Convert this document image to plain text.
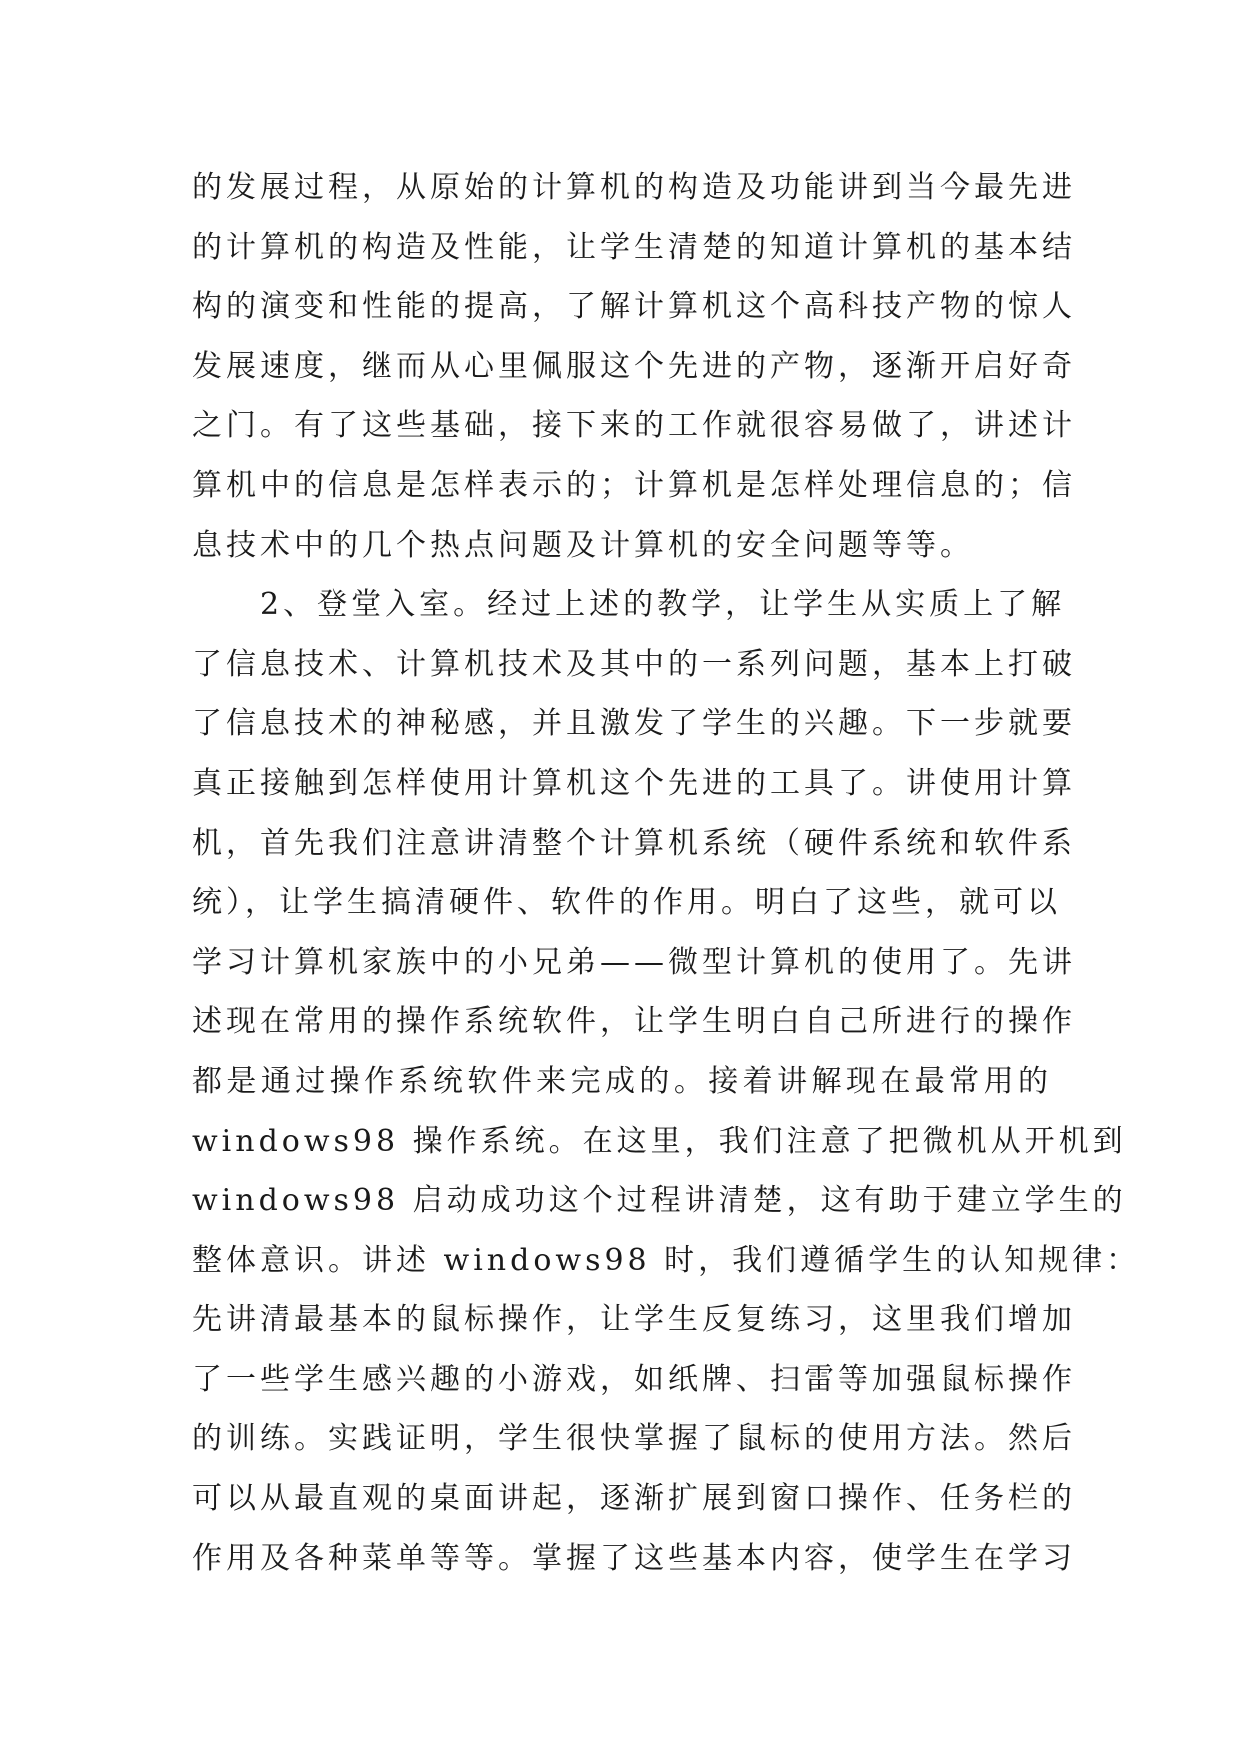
的发展过程，从原始的计算机的构造及功能讲到当今最先进
的计算机的构造及性能，让学生清楚的知道计算机的基本结
构的演变和性能的提高，了解计算机这个高科技产物的惊人
发展速度，继而从心里佩服这个先进的产物，逐渐开启好奇
之门。有了这些基础，接下来的工作就很容易做了，讲述计
算机中的信息是怎样表示的；计算机是怎样处理信息的；信
息技术中的几个热点问题及计算机的安全问题等等。
　　2、登堂入室。经过上述的教学，让学生从实质上了解
了信息技术、计算机技术及其中的一系列问题，基本上打破
了信息技术的神秘感，并且激发了学生的兴趣。下一步就要
真正接触到怎样使用计算机这个先进的工具了。讲使用计算
机，首先我们注意讲清整个计算机系统（硬件系统和软件系
统），让学生搞清硬件、软件的作用。明白了这些，就可以
学习计算机家族中的小兄弟——微型计算机的使用了。先讲
述现在常用的操作系统软件，让学生明白自己所进行的操作
都是通过操作系统软件来完成的。接着讲解现在最常用的
windows98 操作系统。在这里，我们注意了把微机从开机到
windows98 启动成功这个过程讲清楚，这有助于建立学生的
整体意识。讲述 windows98 时，我们遵循学生的认知规律：
先讲清最基本的鼠标操作，让学生反复练习，这里我们增加
了一些学生感兴趣的小游戏，如纸牌、扫雷等加强鼠标操作
的训练。实践证明，学生很快掌握了鼠标的使用方法。然后
可以从最直观的桌面讲起，逐渐扩展到窗口操作、任务栏的
作用及各种菜单等等。掌握了这些基本内容，使学生在学习
